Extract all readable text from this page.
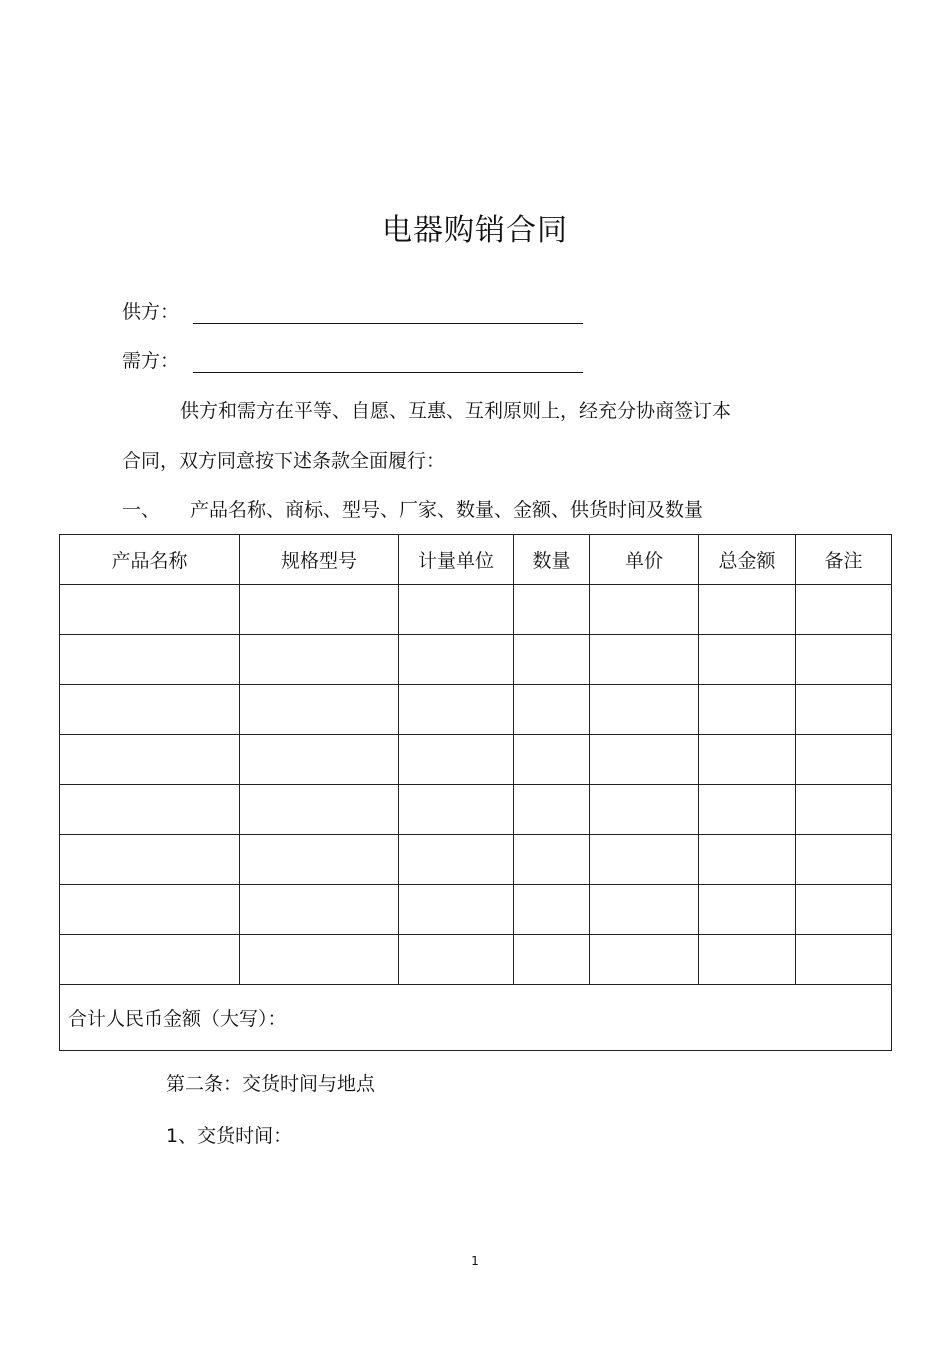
电器购销合同
供方：
需方：
供方和需方在平等、自愿、互惠、互利原则上，经充分协商签订本
合同，双方同意按下述条款全面履行：
一、 产品名称、商标、型号、厂家、数量、金额、供货时间及数量
产品名称	规格型号	计量单位	数量	单价	总金额	备注

合计人民币金额（大写）：						
第二条：交货时间与地点
1、交货时间：
1
